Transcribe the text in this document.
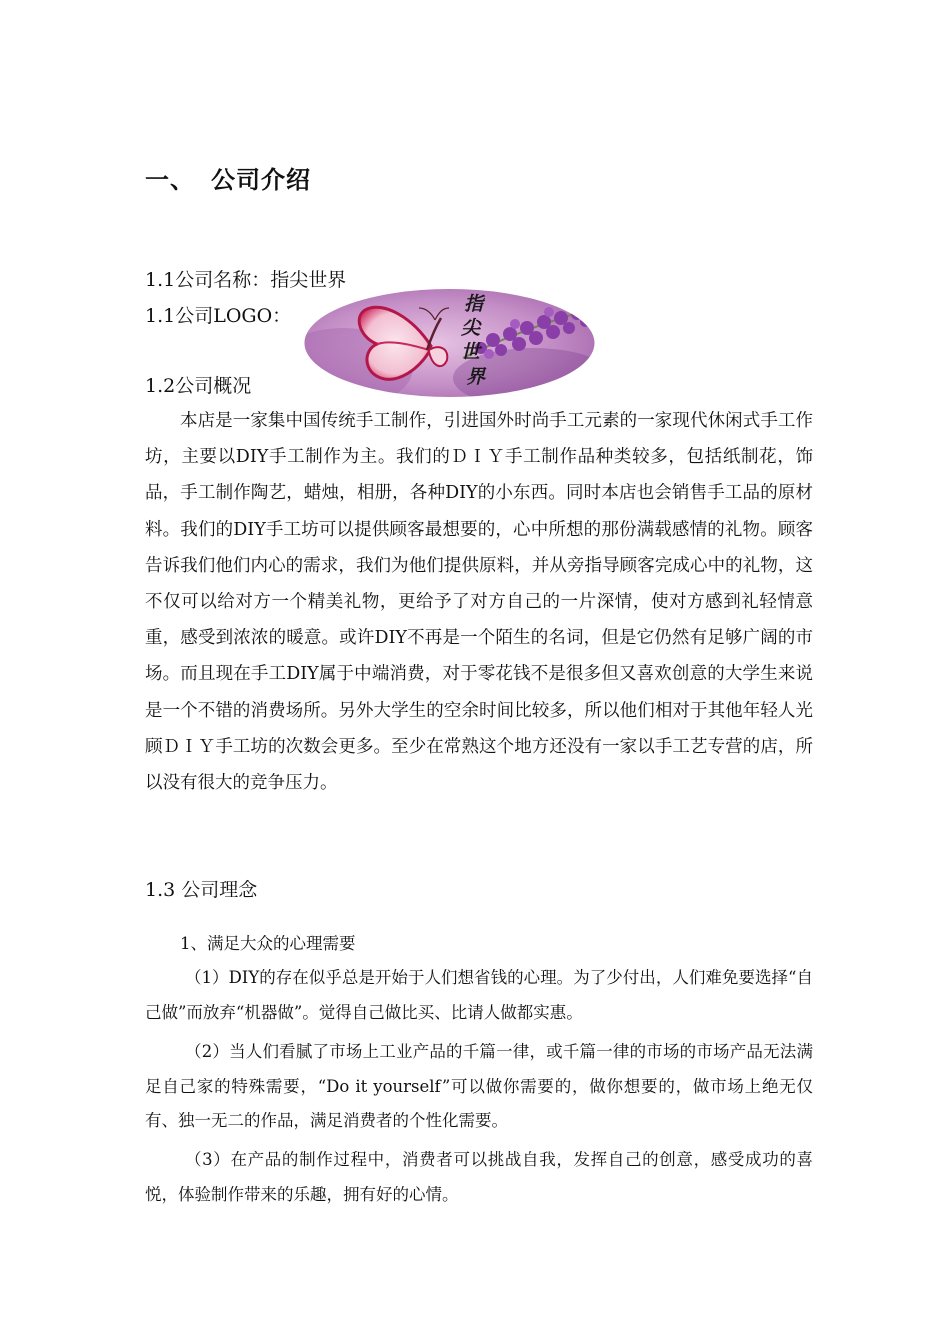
一、 公司介绍
1.1公司名称：指尖世界
1.1公司LOGO：
指
尖
世
界
1.2公司概况

本店是一家集中国传统手工制作，引进国外时尚手工元素的一家现代休闲式手工作坊，主要以DIY手工制作为主。我们的ＤＩＹ手工制作品种类较多，包括纸制花，饰品，手工制作陶艺，蜡烛，相册，各种DIY的小东西。同时本店也会销售手工品的原材料。我们的DIY手工坊可以提供顾客最想要的，心中所想的那份满载感情的礼物。顾客告诉我们他们内心的需求，我们为他们提供原料，并从旁指导顾客完成心中的礼物，这不仅可以给对方一个精美礼物，更给予了对方自己的一片深情，使对方感到礼轻情意重，感受到浓浓的暖意。或许DIY不再是一个陌生的名词，但是它仍然有足够广阔的市场。而且现在手工DIY属于中端消费，对于零花钱不是很多但又喜欢创意的大学生来说是一个不错的消费场所。另外大学生的空余时间比较多，所以他们相对于其他年轻人光顾ＤＩＹ手工坊的次数会更多。至少在常熟这个地方还没有一家以手工艺专营的店，所以没有很大的竞争压力。

1.3 公司理念
1、满足大众的心理需要

（1）DIY的存在似乎总是开始于人们想省钱的心理。为了少付出，人们难免要选择“自己做”而放弃“机器做”。觉得自己做比买、比请人做都实惠。

（2）当人们看腻了市场上工业产品的千篇一律，或千篇一律的市场的市场产品无法满足自己家的特殊需要，“Do it yourself”可以做你需要的，做你想要的，做市场上绝无仅有、独一无二的作品，满足消费者的个性化需要。

（3）在产品的制作过程中，消费者可以挑战自我，发挥自己的创意，感受成功的喜悦，体验制作带来的乐趣，拥有好的心情。
